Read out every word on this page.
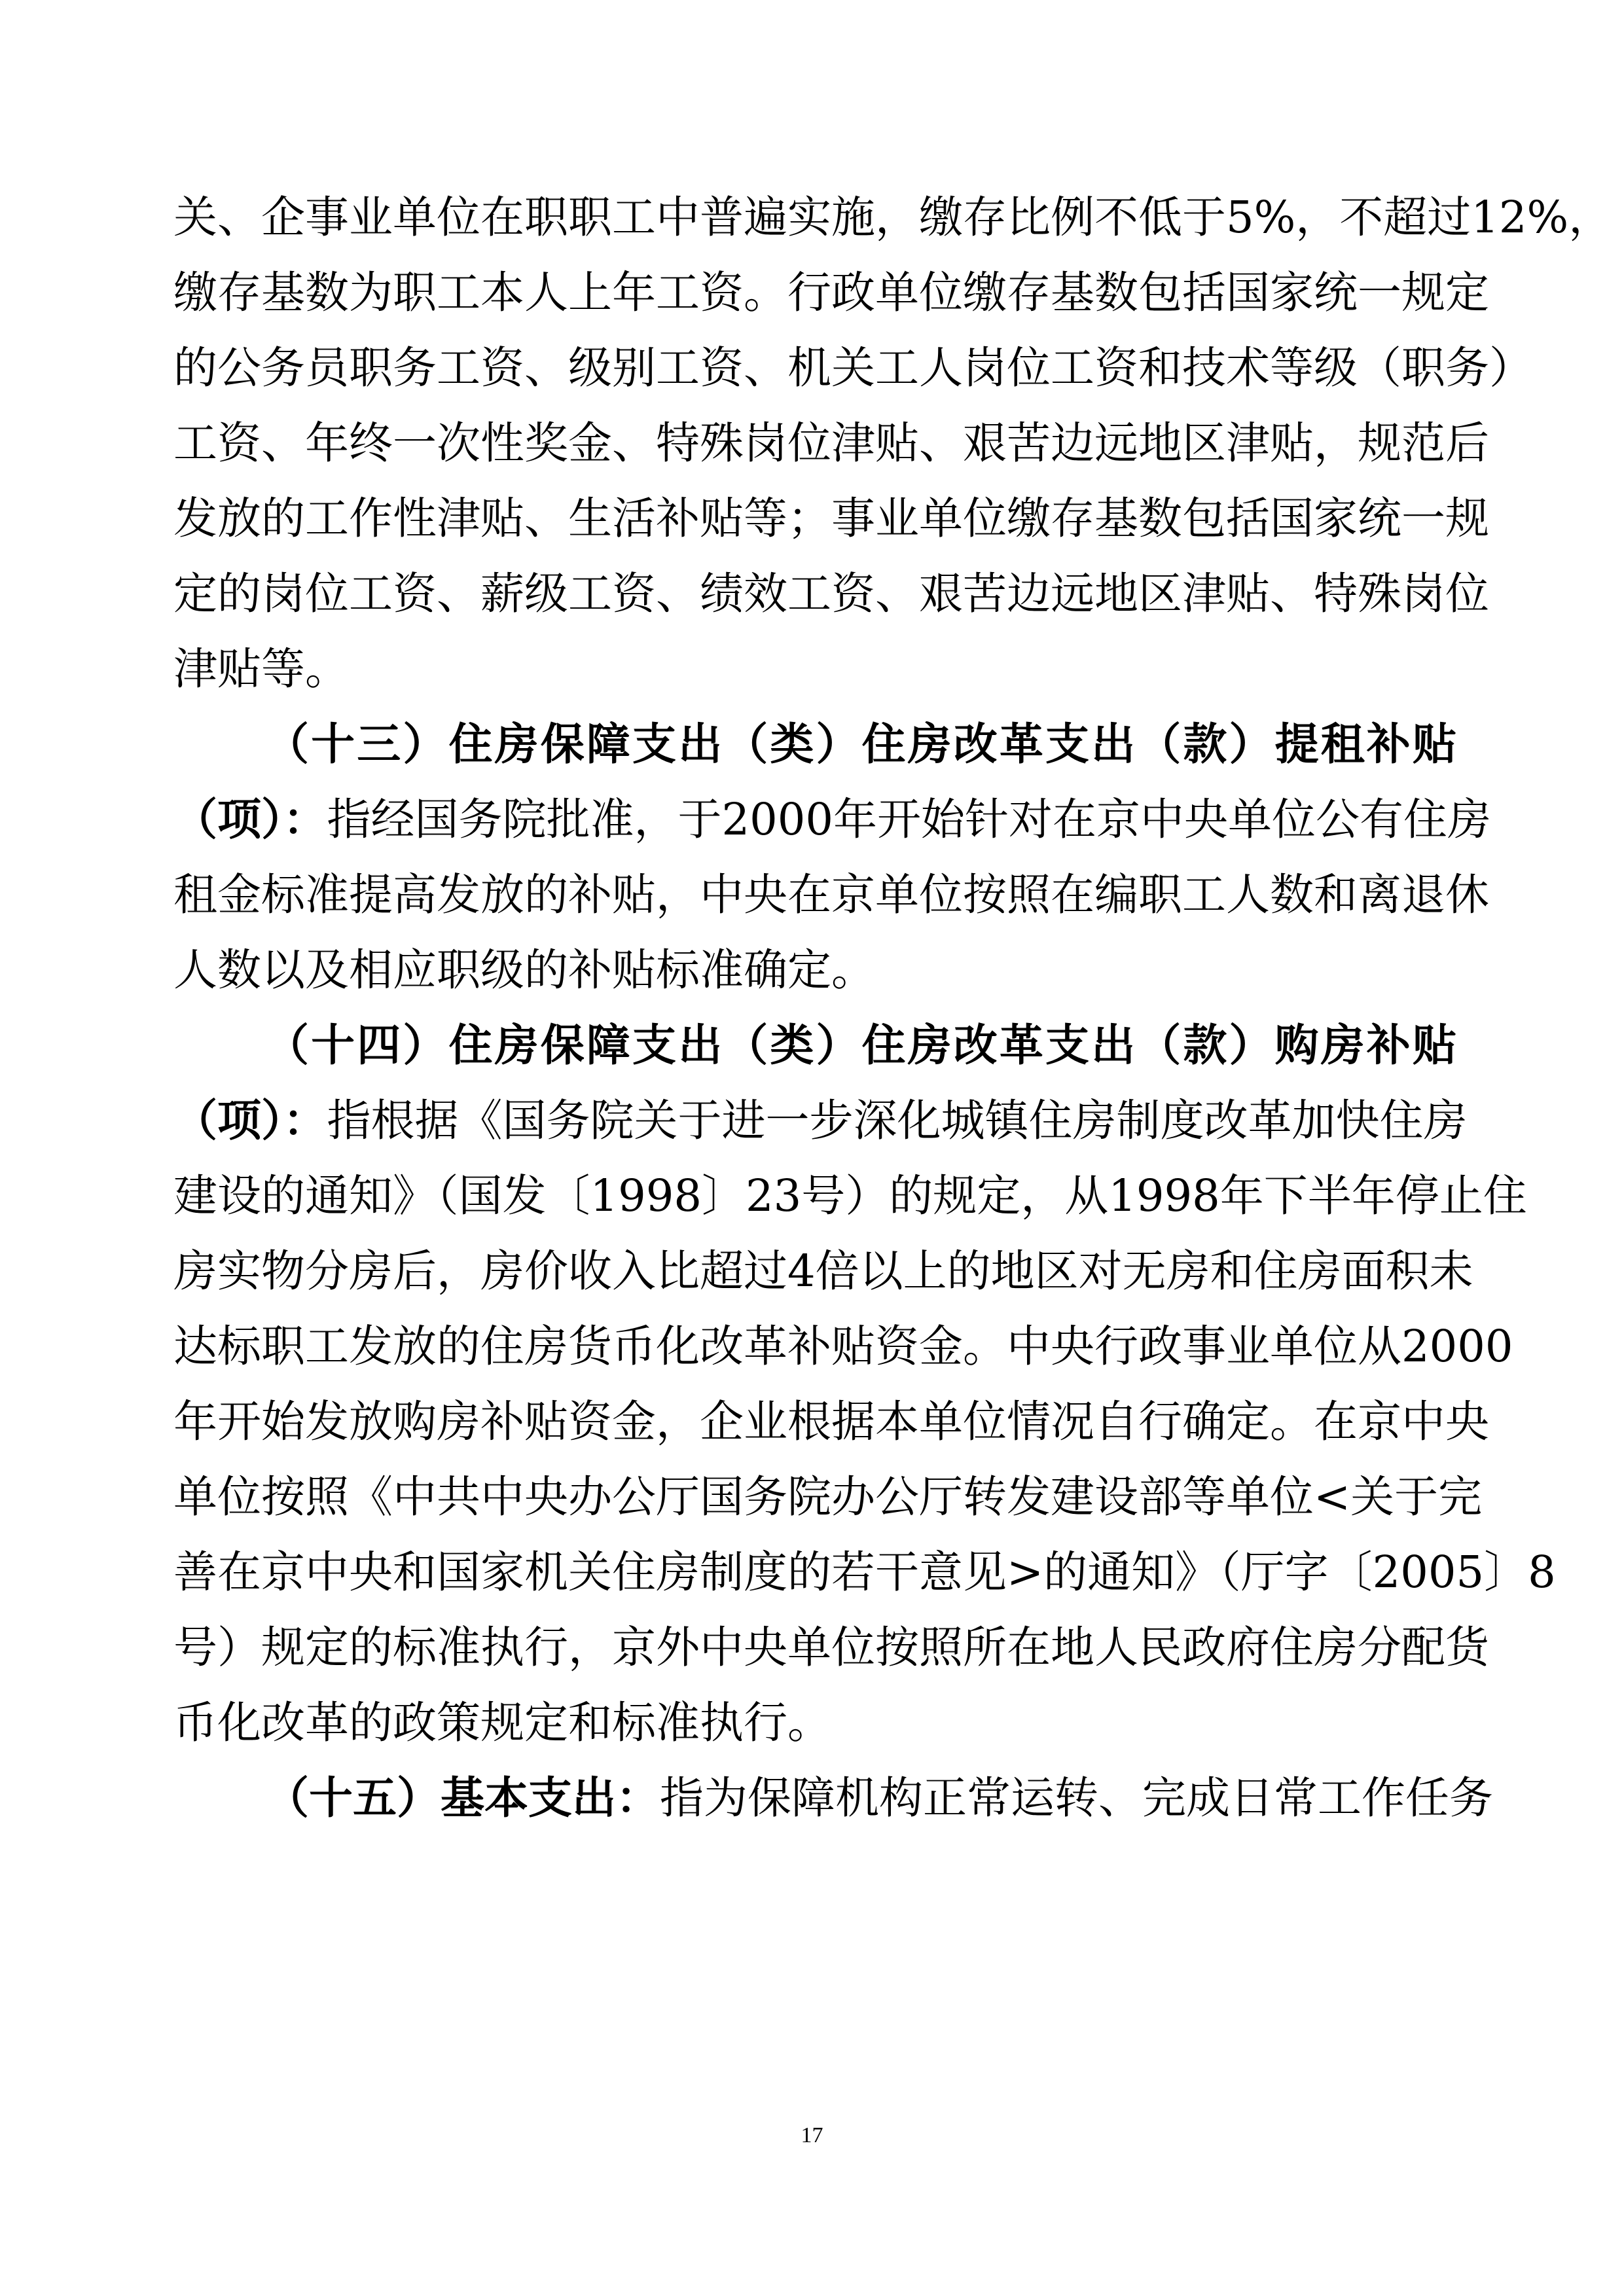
关、企事业单位在职职工中普遍实施，缴存比例不低于5%，不超过12%，
缴存基数为职工本人上年工资。行政单位缴存基数包括国家统一规定
的公务员职务工资、级别工资、机关工人岗位工资和技术等级（职务）
工资、年终一次性奖金、特殊岗位津贴、艰苦边远地区津贴，规范后
发放的工作性津贴、生活补贴等；事业单位缴存基数包括国家统一规
定的岗位工资、薪级工资、绩效工资、艰苦边远地区津贴、特殊岗位
津贴等。
（十三）住房保障支出（类）住房改革支出（款）提租补贴
（项）：指经国务院批准，于2000年开始针对在京中央单位公有住房
租金标准提高发放的补贴，中央在京单位按照在编职工人数和离退休
人数以及相应职级的补贴标准确定。
（十四）住房保障支出（类）住房改革支出（款）购房补贴
（项）：指根据《国务院关于进一步深化城镇住房制度改革加快住房
建设的通知》（国发〔1998〕23号）的规定，从1998年下半年停止住
房实物分房后，房价收入比超过4倍以上的地区对无房和住房面积未
达标职工发放的住房货币化改革补贴资金。中央行政事业单位从2000
年开始发放购房补贴资金，企业根据本单位情况自行确定。在京中央
单位按照《中共中央办公厅国务院办公厅转发建设部等单位<关于完
善在京中央和国家机关住房制度的若干意见>的通知》（厅字〔2005〕8
号）规定的标准执行，京外中央单位按照所在地人民政府住房分配货
币化改革的政策规定和标准执行。
（十五）基本支出：指为保障机构正常运转、完成日常工作任务
17
